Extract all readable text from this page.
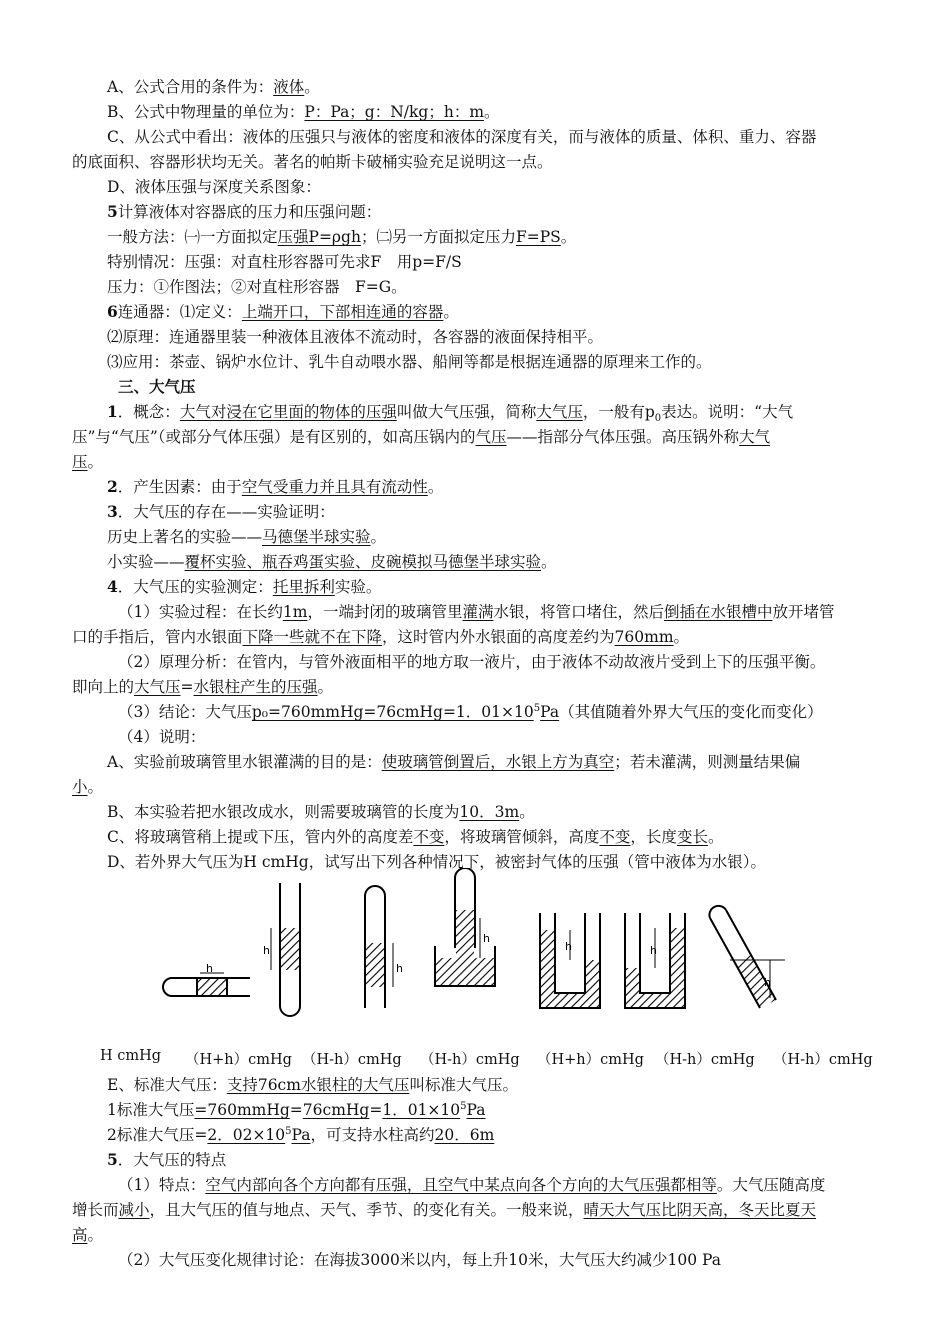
A、公式合用的条件为：液体。
B、公式中物理量的单位为：P：Pa；g：N/kg；h：m。
C、从公式中看出：液体的压强只与液体的密度和液体的深度有关，而与液体的质量、体积、重力、容器
的底面积、容器形状均无关。著名的帕斯卡破桶实验充足说明这一点。
D、液体压强与深度关系图象：
5计算液体对容器底的压力和压强问题：
一般方法：㈠一方面拟定压强P=ρgh；㈡另一方面拟定压力F=PS。
特别情况：压强：对直柱形容器可先求F　用p=F/S
压力：①作图法；②对直柱形容器　F=G。
6连通器：⑴定义：上端开口，下部相连通的容器。
⑵原理：连通器里装一种液体且液体不流动时，各容器的液面保持相平。
⑶应用：茶壶、锅炉水位计、乳牛自动喂水器、船闸等都是根据连通器的原理来工作的。
三、大气压
1．概念：大气对浸在它里面的物体的压强叫做大气压强，简称大气压，一般有$p_0$表达。说明：“大气
压”与“气压”（或部分气体压强）是有区别的，如高压锅内的气压——指部分气体压强。高压锅外称大气
压。
2．产生因素：由于空气受重力并且具有流动性。
3．大气压的存在——实验证明：
历史上著名的实验——马德堡半球实验。
小实验——覆杯实验、瓶吞鸡蛋实验、皮碗模拟马德堡半球实验。
4．大气压的实验测定：托里拆利实验。
（1）实验过程：在长约1m，一端封闭的玻璃管里灌满水银，将管口堵住，然后倒插在水银槽中放开堵管
口的手指后，管内水银面下降一些就不在下降，这时管内外水银面的高度差约为760mm。
（2）原理分析：在管内，与管外液面相平的地方取一液片，由于液体不动故液片受到上下的压强平衡。
即向上的大气压=水银柱产生的压强。
（3）结论：大气压p₀=760mmHg=76cmHg=1．$01\times 10^5Pa$（其值随着外界大气压的变化而变化）
（4）说明：
A、实验前玻璃管里水银灌满的目的是：使玻璃管倒置后，水银上方为真空；若未灌满，则测量结果偏
小。
B、本实验若把水银改成水，则需要玻璃管的长度为10．3m。
C、将玻璃管稍上提或下压，管内外的高度差不变，将玻璃管倾斜，高度不变，长度变长。
D、若外界大气压为H cmHg，试写出下列各种情况下，被密封气体的压强（管中液体为水银）。
E、标准大气压：支持76cm水银柱的大气压叫标准大气压。
1标准大气压=760mmHg=76cmHg=1．$01\times 10^5Pa$
2标准大气压=2．$02\times 10^5Pa$，可支持水柱高约20．6m
5．大气压的特点
（1）特点：空气内部向各个方向都有压强，且空气中某点向各个方向的大气压强都相等。大气压随高度
增长而减小，且大气压的值与地点、天气、季节、的变化有关。一般来说，晴天大气压比阴天高，冬天比夏天
高。
（2）大气压变化规律讨论：在海拔3000米以内，每上升10米，大气压大约减少100 Pa
h
h
h
h
h	h
h
H cmHg （H+h）cmHg （H-h）cmHg （H-h）cmHg （H+h）cmHg （H-h）cmHg （H-h）cmHg
